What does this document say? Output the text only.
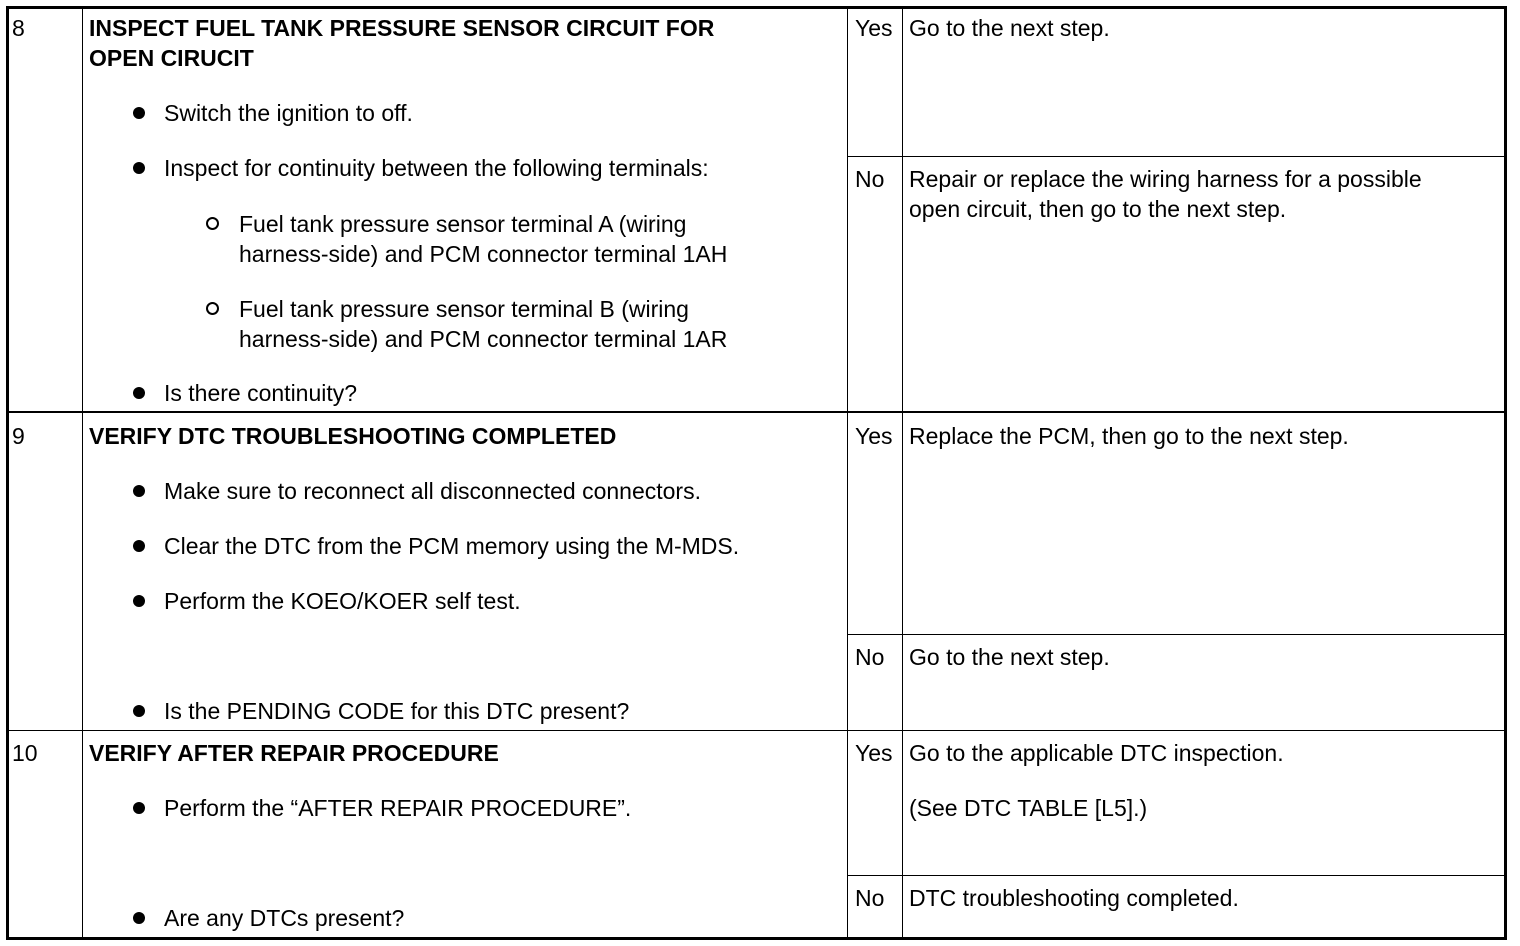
8	INSPECT FUEL TANK PRESSURE SENSOR CIRCUIT FOR
OPEN CIRUCIT
Switch the ignition to off.
Inspect for continuity between the following terminals:
Fuel tank pressure sensor terminal A (wiring
harness-side) and PCM connector terminal 1AH
Fuel tank pressure sensor terminal B (wiring
harness-side) and PCM connector terminal 1AR
Is there continuity?
Yes Go to the next step.
No Repair or replace the wiring harness for a possible
open circuit, then go to the next step.
9	VERIFY DTC TROUBLESHOOTING COMPLETED
Make sure to reconnect all disconnected connectors.
Clear the DTC from the PCM memory using the M-MDS.
Perform the KOEO/KOER self test.
Is the PENDING CODE for this DTC present?
Yes Replace the PCM, then go to the next step.
No Go to the next step.
10 VERIFY AFTER REPAIR PROCEDURE
Perform the “AFTER REPAIR PROCEDURE”.
Are any DTCs present?
Yes Go to the applicable DTC inspection.
(See DTC TABLE [L5].)
No DTC troubleshooting completed.
